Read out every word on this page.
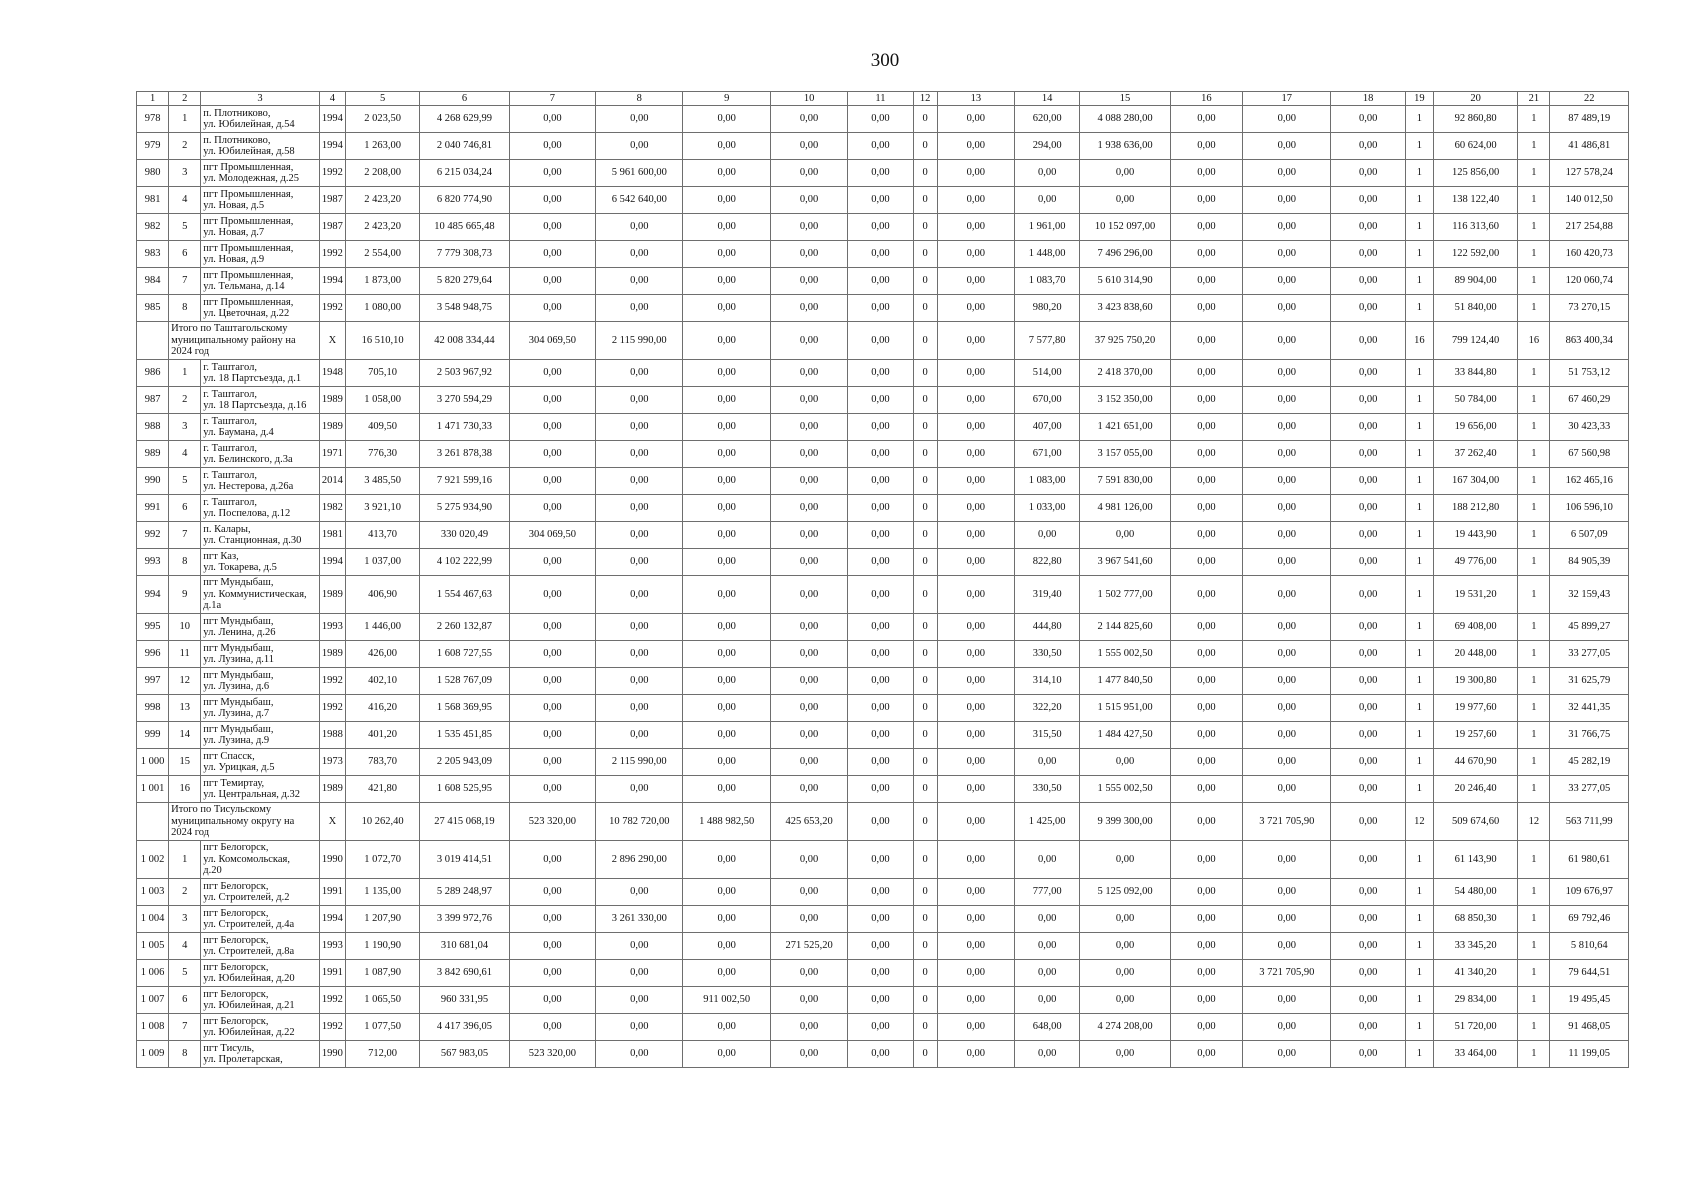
300
1	2	3	4	5	6	7	8	9	10	11	12	13	14	15	16	17	18	19	20	21	22
978	1	п. Плотниково,
ул. Юбилейная, д.54	1994	2 023,50	4 268 629,99	0,00	0,00	0,00	0,00	0,00	0	0,00	620,00	4 088 280,00	0,00	0,00	0,00	1	92 860,80	1	87 489,19
979	2	п. Плотниково,
ул. Юбилейная, д.58	1994	1 263,00	2 040 746,81	0,00	0,00	0,00	0,00	0,00	0	0,00	294,00	1 938 636,00	0,00	0,00	0,00	1	60 624,00	1	41 486,81
980	3	пгт Промышленная,
ул. Молодежная, д.25	1992	2 208,00	6 215 034,24	0,00	5 961 600,00	0,00	0,00	0,00	0	0,00	0,00	0,00	0,00	0,00	0,00	1	125 856,00	1	127 578,24
981	4	пгт Промышленная,
ул. Новая, д.5	1987	2 423,20	6 820 774,90	0,00	6 542 640,00	0,00	0,00	0,00	0	0,00	0,00	0,00	0,00	0,00	0,00	1	138 122,40	1	140 012,50
982	5	пгт Промышленная,
ул. Новая, д.7	1987	2 423,20	10 485 665,48	0,00	0,00	0,00	0,00	0,00	0	0,00	1 961,00	10 152 097,00	0,00	0,00	0,00	1	116 313,60	1	217 254,88
983	6	пгт Промышленная,
ул. Новая, д.9	1992	2 554,00	7 779 308,73	0,00	0,00	0,00	0,00	0,00	0	0,00	1 448,00	7 496 296,00	0,00	0,00	0,00	1	122 592,00	1	160 420,73
984	7	пгт Промышленная,
ул. Тельмана, д.14	1994	1 873,00	5 820 279,64	0,00	0,00	0,00	0,00	0,00	0	0,00	1 083,70	5 610 314,90	0,00	0,00	0,00	1	89 904,00	1	120 060,74
985	8	пгт Промышленная,
ул. Цветочная, д.22	1992	1 080,00	3 548 948,75	0,00	0,00	0,00	0,00	0,00	0	0,00	980,20	3 423 838,60	0,00	0,00	0,00	1	51 840,00	1	73 270,15
	Итого по Таштагольскому
муниципальному району на
2024 год		X	16 510,10	42 008 334,44	304 069,50	2 115 990,00	0,00	0,00	0,00	0	0,00	7 577,80	37 925 750,20	0,00	0,00	0,00	16	799 124,40	16	863 400,34
986	1	г. Таштагол,
ул. 18 Партсъезда, д.1	1948	705,10	2 503 967,92	0,00	0,00	0,00	0,00	0,00	0	0,00	514,00	2 418 370,00	0,00	0,00	0,00	1	33 844,80	1	51 753,12
987	2	г. Таштагол,
ул. 18 Партсъезда, д.16	1989	1 058,00	3 270 594,29	0,00	0,00	0,00	0,00	0,00	0	0,00	670,00	3 152 350,00	0,00	0,00	0,00	1	50 784,00	1	67 460,29
988	3	г. Таштагол,
ул. Баумана, д.4	1989	409,50	1 471 730,33	0,00	0,00	0,00	0,00	0,00	0	0,00	407,00	1 421 651,00	0,00	0,00	0,00	1	19 656,00	1	30 423,33
989	4	г. Таштагол,
ул. Белинского, д.3а	1971	776,30	3 261 878,38	0,00	0,00	0,00	0,00	0,00	0	0,00	671,00	3 157 055,00	0,00	0,00	0,00	1	37 262,40	1	67 560,98
990	5	г. Таштагол,
ул. Нестерова, д.26а	2014	3 485,50	7 921 599,16	0,00	0,00	0,00	0,00	0,00	0	0,00	1 083,00	7 591 830,00	0,00	0,00	0,00	1	167 304,00	1	162 465,16
991	6	г. Таштагол,
ул. Поспелова, д.12	1982	3 921,10	5 275 934,90	0,00	0,00	0,00	0,00	0,00	0	0,00	1 033,00	4 981 126,00	0,00	0,00	0,00	1	188 212,80	1	106 596,10
992	7	п. Калары,
ул. Станционная, д.30	1981	413,70	330 020,49	304 069,50	0,00	0,00	0,00	0,00	0	0,00	0,00	0,00	0,00	0,00	0,00	1	19 443,90	1	6 507,09
993	8	пгт Каз,
ул. Токарева, д.5	1994	1 037,00	4 102 222,99	0,00	0,00	0,00	0,00	0,00	0	0,00	822,80	3 967 541,60	0,00	0,00	0,00	1	49 776,00	1	84 905,39
994	9	пгт Мундыбаш,
ул. Коммунистическая,
д.1а	1989	406,90	1 554 467,63	0,00	0,00	0,00	0,00	0,00	0	0,00	319,40	1 502 777,00	0,00	0,00	0,00	1	19 531,20	1	32 159,43
995	10	пгт Мундыбаш,
ул. Ленина, д.26	1993	1 446,00	2 260 132,87	0,00	0,00	0,00	0,00	0,00	0	0,00	444,80	2 144 825,60	0,00	0,00	0,00	1	69 408,00	1	45 899,27
996	11	пгт Мундыбаш,
ул. Лузина, д.11	1989	426,00	1 608 727,55	0,00	0,00	0,00	0,00	0,00	0	0,00	330,50	1 555 002,50	0,00	0,00	0,00	1	20 448,00	1	33 277,05
997	12	пгт Мундыбаш,
ул. Лузина, д.6	1992	402,10	1 528 767,09	0,00	0,00	0,00	0,00	0,00	0	0,00	314,10	1 477 840,50	0,00	0,00	0,00	1	19 300,80	1	31 625,79
998	13	пгт Мундыбаш,
ул. Лузина, д.7	1992	416,20	1 568 369,95	0,00	0,00	0,00	0,00	0,00	0	0,00	322,20	1 515 951,00	0,00	0,00	0,00	1	19 977,60	1	32 441,35
999	14	пгт Мундыбаш,
ул. Лузина, д.9	1988	401,20	1 535 451,85	0,00	0,00	0,00	0,00	0,00	0	0,00	315,50	1 484 427,50	0,00	0,00	0,00	1	19 257,60	1	31 766,75
1 000	15	пгт Спасск,
ул. Урицкая, д.5	1973	783,70	2 205 943,09	0,00	2 115 990,00	0,00	0,00	0,00	0	0,00	0,00	0,00	0,00	0,00	0,00	1	44 670,90	1	45 282,19
1 001	16	пгт Темиртау,
ул. Центральная, д.32	1989	421,80	1 608 525,95	0,00	0,00	0,00	0,00	0,00	0	0,00	330,50	1 555 002,50	0,00	0,00	0,00	1	20 246,40	1	33 277,05
	Итого по Тисульскому
муниципальному округу на
2024 год		X	10 262,40	27 415 068,19	523 320,00	10 782 720,00	1 488 982,50	425 653,20	0,00	0	0,00	1 425,00	9 399 300,00	0,00	3 721 705,90	0,00	12	509 674,60	12	563 711,99
1 002	1	пгт Белогорск,
ул. Комсомольская,
д.20	1990	1 072,70	3 019 414,51	0,00	2 896 290,00	0,00	0,00	0,00	0	0,00	0,00	0,00	0,00	0,00	0,00	1	61 143,90	1	61 980,61
1 003	2	пгт Белогорск,
ул. Строителей, д.2	1991	1 135,00	5 289 248,97	0,00	0,00	0,00	0,00	0,00	0	0,00	777,00	5 125 092,00	0,00	0,00	0,00	1	54 480,00	1	109 676,97
1 004	3	пгт Белогорск,
ул. Строителей, д.4а	1994	1 207,90	3 399 972,76	0,00	3 261 330,00	0,00	0,00	0,00	0	0,00	0,00	0,00	0,00	0,00	0,00	1	68 850,30	1	69 792,46
1 005	4	пгт Белогорск,
ул. Строителей, д.8а	1993	1 190,90	310 681,04	0,00	0,00	0,00	271 525,20	0,00	0	0,00	0,00	0,00	0,00	0,00	0,00	1	33 345,20	1	5 810,64
1 006	5	пгт Белогорск,
ул. Юбилейная, д.20	1991	1 087,90	3 842 690,61	0,00	0,00	0,00	0,00	0,00	0	0,00	0,00	0,00	0,00	3 721 705,90	0,00	1	41 340,20	1	79 644,51
1 007	6	пгт Белогорск,
ул. Юбилейная, д.21	1992	1 065,50	960 331,95	0,00	0,00	911 002,50	0,00	0,00	0	0,00	0,00	0,00	0,00	0,00	0,00	1	29 834,00	1	19 495,45
1 008	7	пгт Белогорск,
ул. Юбилейная, д.22	1992	1 077,50	4 417 396,05	0,00	0,00	0,00	0,00	0,00	0	0,00	648,00	4 274 208,00	0,00	0,00	0,00	1	51 720,00	1	91 468,05
1 009	8	пгт Тисуль,
ул. Пролетарская,	1990	712,00	567 983,05	523 320,00	0,00	0,00	0,00	0,00	0	0,00	0,00	0,00	0,00	0,00	0,00	1	33 464,00	1	11 199,05
